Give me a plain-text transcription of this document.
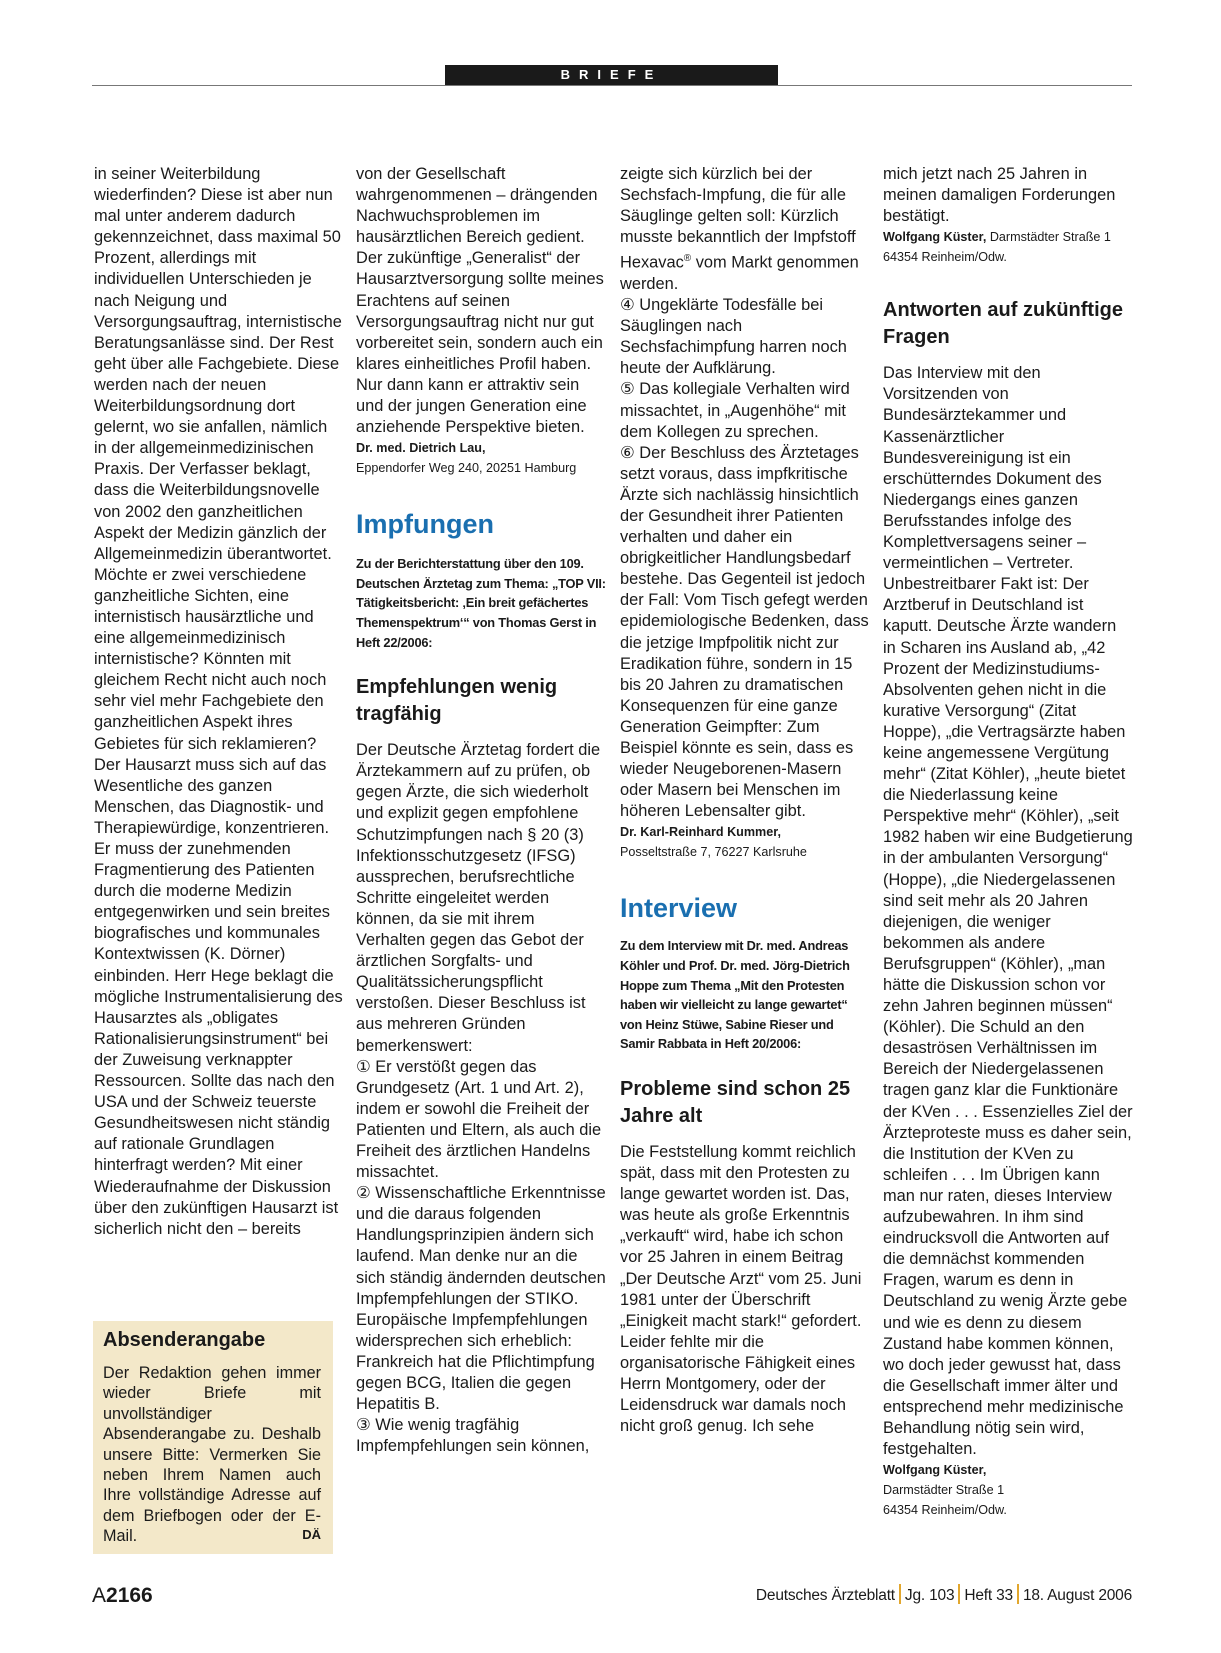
BRIEFE

in seiner Weiterbildung wiederfinden? Diese ist aber nun mal unter anderem dadurch gekennzeichnet, dass maximal 50 Prozent, allerdings mit individuellen Unterschieden je nach Neigung und Versorgungsauftrag, internistische Beratungsanlässe sind. Der Rest geht über alle Fachgebiete. Diese werden nach der neuen Weiterbildungsordnung dort gelernt, wo sie anfallen, nämlich in der allgemeinmedizinischen Praxis. Der Verfasser beklagt, dass die Weiterbildungsnovelle von 2002 den ganzheitlichen Aspekt der Medizin gänzlich der Allgemeinmedizin überantwortet. Möchte er zwei verschiedene ganzheitliche Sichten, eine internistisch hausärztliche und eine allgemeinmedizinisch internistische? Könnten mit gleichem Recht nicht auch noch sehr viel mehr Fachgebiete den ganzheitlichen Aspekt ihres Gebietes für sich reklamieren? Der Hausarzt muss sich auf das Wesentliche des ganzen Menschen, das Diagnostik- und Therapiewürdige, konzentrieren. Er muss der zunehmenden Fragmentierung des Patienten durch die moderne Medizin entgegenwirken und sein breites biografisches und kommunales Kontextwissen (K. Dörner) einbinden. Herr Hege beklagt die mögliche Instrumentalisierung des Hausarztes als „obligates Rationalisierungsinstrument“ bei der Zuweisung verknappter Ressourcen. Sollte das nach den USA und der Schweiz teuerste Gesundheitswesen nicht ständig auf rationale Grundlagen hinterfragt werden? Mit einer Wiederaufnahme der Diskussion über den zukünftigen Hausarzt ist sicherlich nicht den – bereits

Absenderangabe

Der Redaktion gehen immer wieder Briefe mit unvollständiger Absenderangabe zu. Deshalb unsere Bitte: Vermerken Sie neben Ihrem Namen auch Ihre vollständige Adresse auf dem Briefbogen oder der E-Mail.	DÄ

von der Gesellschaft wahrgenommenen – drängenden Nachwuchsproblemen im hausärztlichen Bereich gedient. Der zukünftige „Generalist“ der Hausarztversorgung sollte meines Erachtens auf seinen Versorgungsauftrag nicht nur gut vorbereitet sein, sondern auch ein klares einheitliches Profil haben. Nur dann kann er attraktiv sein und der jungen Generation eine anziehende Perspektive bieten.

Dr. med. Dietrich Lau,
Eppendorfer Weg 240, 20251 Hamburg
Impfungen

Zu der Berichterstattung über den 109. Deutschen Ärztetag zum Thema: „TOP VII: Tätigkeitsbericht: ‚Ein breit gefächertes Themenspektrum‘“ von Thomas Gerst in Heft 22/2006:

Empfehlungen wenig tragfähig

Der Deutsche Ärztetag fordert die Ärztekammern auf zu prüfen, ob gegen Ärzte, die sich wiederholt und explizit gegen empfohlene Schutzimpfungen nach § 20 (3) Infektionsschutzgesetz (IFSG) aussprechen, berufsrechtliche Schritte eingeleitet werden können, da sie mit ihrem Verhalten gegen das Gebot der ärztlichen Sorgfalts- und Qualitätssicherungspflicht verstoßen. Dieser Beschluss ist aus mehreren Gründen bemerkenswert:

① Er verstößt gegen das Grundgesetz (Art. 1 und Art. 2), indem er sowohl die Freiheit der Patienten und Eltern, als auch die Freiheit des ärztlichen Handelns missachtet.

② Wissenschaftliche Erkenntnisse und die daraus folgenden Handlungsprinzipien ändern sich laufend. Man denke nur an die sich ständig ändernden deutschen Impfempfehlungen der STIKO. Europäische Impfempfehlungen widersprechen sich erheblich: Frankreich hat die Pflichtimpfung gegen BCG, Italien die gegen Hepatitis B.

③ Wie wenig tragfähig Impfempfehlungen sein können,

zeigte sich kürzlich bei der Sechsfach-Impfung, die für alle Säuglinge gelten soll: Kürzlich musste bekanntlich der Impfstoff Hexavac® vom Markt genommen werden.

④ Ungeklärte Todesfälle bei Säuglingen nach Sechsfachimpfung harren noch heute der Aufklärung.

⑤ Das kollegiale Verhalten wird missachtet, in „Augenhöhe“ mit dem Kollegen zu sprechen.

⑥ Der Beschluss des Ärztetages setzt voraus, dass impfkritische Ärzte sich nachlässig hinsichtlich der Gesundheit ihrer Patienten verhalten und daher ein obrigkeitlicher Handlungsbedarf bestehe. Das Gegenteil ist jedoch der Fall: Vom Tisch gefegt werden epidemiologische Bedenken, dass die jetzige Impfpolitik nicht zur Eradikation führe, sondern in 15 bis 20 Jahren zu dramatischen Konsequenzen für eine ganze Generation Geimpfter: Zum Beispiel könnte es sein, dass es wieder Neugeborenen-Masern oder Masern bei Menschen im höheren Lebensalter gibt.

Dr. Karl-Reinhard Kummer,
Posseltstraße 7, 76227 Karlsruhe
Interview

Zu dem Interview mit Dr. med. Andreas Köhler und Prof. Dr. med. Jörg-Dietrich Hoppe zum Thema „Mit den Protesten haben wir vielleicht zu lange gewartet“ von Heinz Stüwe, Sabine Rieser und Samir Rabbata in Heft 20/2006:

Probleme sind schon 25 Jahre alt

Die Feststellung kommt reichlich spät, dass mit den Protesten zu lange gewartet worden ist. Das, was heute als große Erkenntnis „verkauft“ wird, habe ich schon vor 25 Jahren in einem Beitrag „Der Deutsche Arzt“ vom 25. Juni 1981 unter der Überschrift „Einigkeit macht stark!“ gefordert. Leider fehlte mir die organisatorische Fähigkeit eines Herrn Montgomery, oder der Leidensdruck war damals noch nicht groß genug. Ich sehe

mich jetzt nach 25 Jahren in meinen damaligen Forderungen bestätigt.

Wolfgang Küster, Darmstädter Straße 1
64354 Reinheim/Odw.
Antworten auf zukünftige Fragen

Das Interview mit den Vorsitzenden von Bundesärztekammer und Kassenärztlicher Bundesvereinigung ist ein erschütterndes Dokument des Niedergangs eines ganzen Berufsstandes infolge des Komplettversagens seiner – vermeintlichen – Vertreter. Unbestreitbarer Fakt ist: Der Arztberuf in Deutschland ist kaputt. Deutsche Ärzte wandern in Scharen ins Ausland ab, „42 Prozent der Medizinstudiums-Absolventen gehen nicht in die kurative Versorgung“ (Zitat Hoppe), „die Vertragsärzte haben keine angemessene Vergütung mehr“ (Zitat Köhler), „heute bietet die Niederlassung keine Perspektive mehr“ (Köhler), „seit 1982 haben wir eine Budgetierung in der ambulanten Versorgung“ (Hoppe), „die Niedergelassenen sind seit mehr als 20 Jahren diejenigen, die weniger bekommen als andere Berufsgruppen“ (Köhler), „man hätte die Diskussion schon vor zehn Jahren beginnen müssen“ (Köhler). Die Schuld an den desaströsen Verhältnissen im Bereich der Niedergelassenen tragen ganz klar die Funktionäre der KVen . . . Essenzielles Ziel der Ärzteproteste muss es daher sein, die Institution der KVen zu schleifen . . . Im Übrigen kann man nur raten, dieses Interview aufzubewahren. In ihm sind eindrucksvoll die Antworten auf die demnächst kommenden Fragen, warum es denn in Deutschland zu wenig Ärzte gebe und wie es denn zu diesem Zustand habe kommen können, wo doch jeder gewusst hat, dass die Gesellschaft immer älter und entsprechend mehr medizinische Behandlung nötig sein wird, festgehalten.

Wolfgang Küster,
Darmstädter Straße 1
64354 Reinheim/Odw.
A2166	Deutsches Ärzteblatt Jg. 103 Heft 33 18. August 2006
